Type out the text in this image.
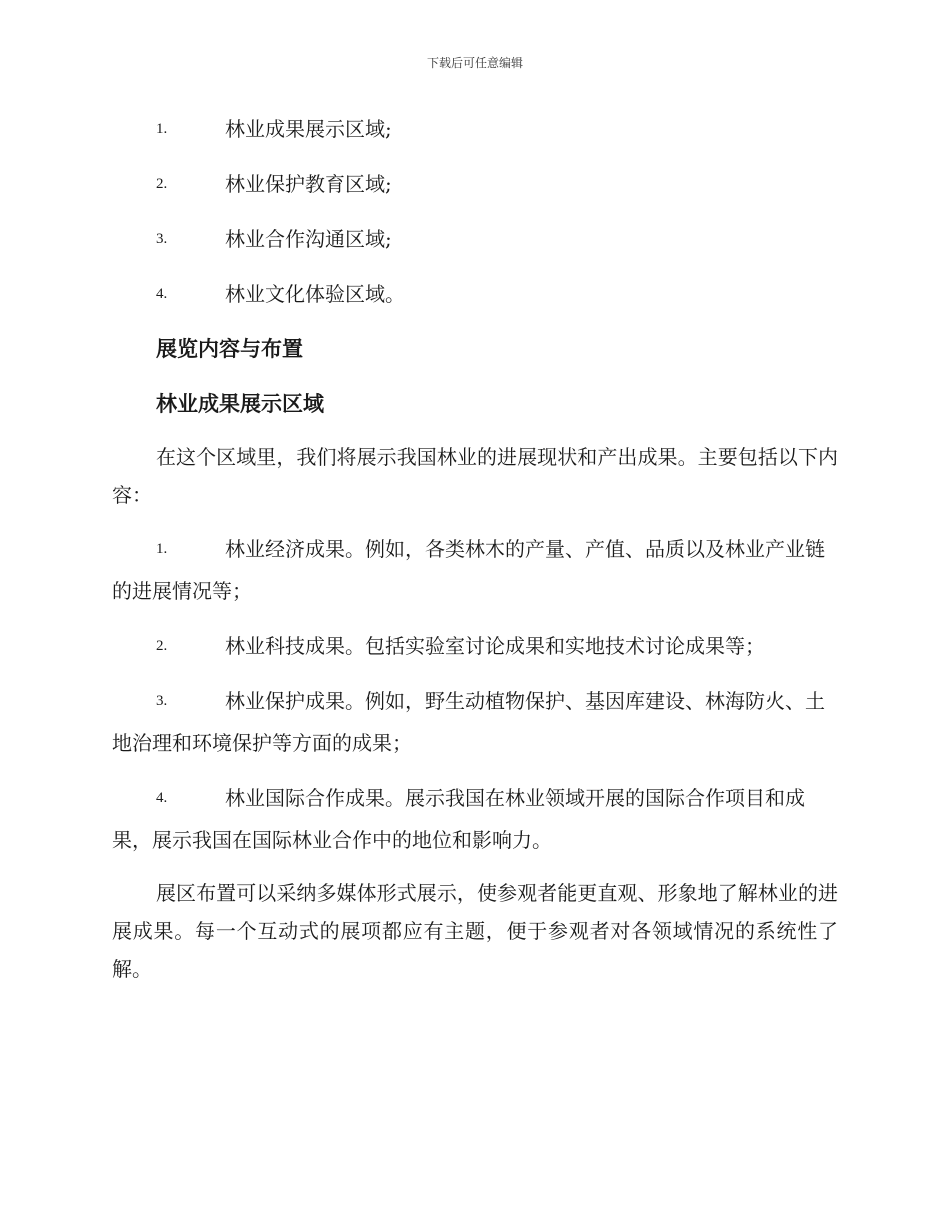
下载后可任意编辑
1.	林业成果展示区域;
2.	林业保护教育区域;
3.	林业合作沟通区域;
4.	林业文化体验区域。
展览内容与布置
林业成果展示区域
在这个区域里，我们将展示我国林业的进展现状和产出成果。主要包括以下内容：
1.	林业经济成果。例如，各类林木的产量、产值、品质以及林业产业链的进展情况等；
2.	林业科技成果。包括实验室讨论成果和实地技术讨论成果等；
3.	林业保护成果。例如，野生动植物保护、基因库建设、林海防火、土地治理和环境保护等方面的成果；
4.	林业国际合作成果。展示我国在林业领域开展的国际合作项目和成果，展示我国在国际林业合作中的地位和影响力。
展区布置可以采纳多媒体形式展示，使参观者能更直观、形象地了解林业的进展成果。每一个互动式的展项都应有主题，便于参观者对各领域情况的系统性了解。
